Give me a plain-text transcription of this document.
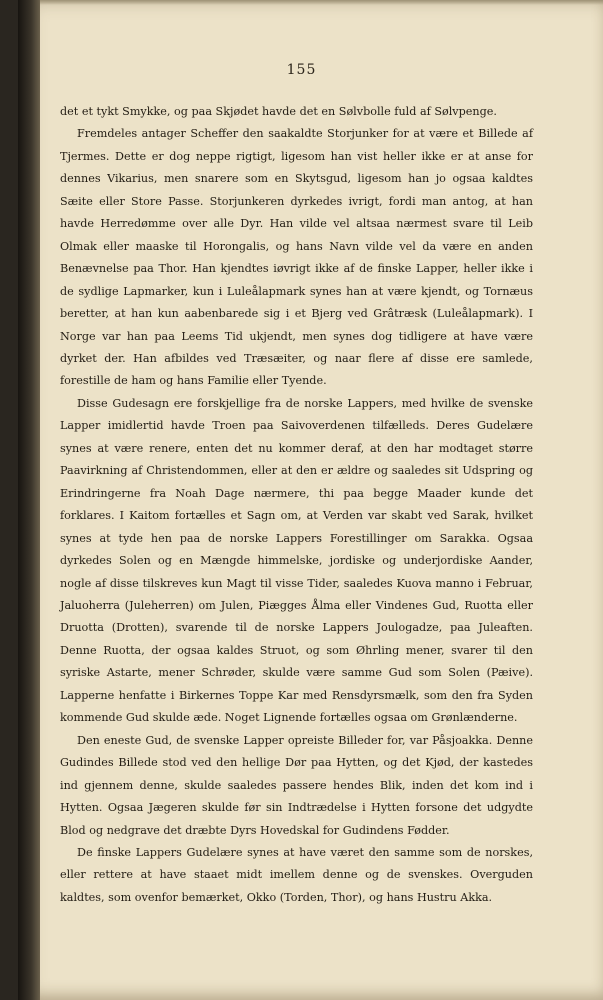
155

det et tykt Smykke, og paa Skjødet havde det en Sølvbolle fuld af Sølvpenge.

Fremdeles antager Scheffer den saakaldte Storjunker for at være et Billede af Tjermes. Dette er dog neppe rigtigt, ligesom han vist heller ikke er at anse for dennes Vikarius, men snarere som en Skytsgud, ligesom han jo ogsaa kaldtes Sæite eller Store Passe. Storjunkeren dyrkedes ivrigt, fordi man antog, at han havde Herredømme over alle Dyr. Han vilde vel altsaa nærmest svare til Leib Olmak eller maaske til Horongalis, og hans Navn vilde vel da være en anden Benævnelse paa Thor. Han kjendtes iøvrigt ikke af de finske Lapper, heller ikke i de sydlige Lapmarker, kun i Luleålapmark synes han at være kjendt, og Tornæus beretter, at han kun aabenbarede sig i et Bjerg ved Grâtræsk (Luleålapmark). I Norge var han paa Leems Tid ukjendt, men synes dog tidligere at have være dyrket der. Han afbildes ved Træsæiter, og naar flere af disse ere samlede, forestille de ham og hans Familie eller Tyende.

Disse Gudesagn ere forskjellige fra de norske Lappers, med hvilke de svenske Lapper imidlertid havde Troen paa Saivoverdenen tilfælleds. Deres Gudelære synes at være renere, enten det nu kommer deraf, at den har modtaget større Paavirkning af Christendommen, eller at den er ældre og saaledes sit Udspring og Erindringerne fra Noah Dage nærmere, thi paa begge Maader kunde det forklares. I Kaitom fortælles et Sagn om, at Verden var skabt ved Sarak, hvilket synes at tyde hen paa de norske Lappers Forestillinger om Sarakka. Ogsaa dyrkedes Solen og en Mængde himmelske, jordiske og underjordiske Aander, nogle af disse tilskreves kun Magt til visse Tider, saaledes Kuova manno i Februar, Jaluoherra (Juleherren) om Julen, Piægges Ålma eller Vindenes Gud, Ruotta eller Druotta (Drotten), svarende til de norske Lappers Joulogadze, paa Juleaften. Denne Ruotta, der ogsaa kaldes Struot, og som Øhrling mener, svarer til den syriske Astarte, mener Schrøder, skulde være samme Gud som Solen (Pæive). Lapperne henfatte i Birkernes Toppe Kar med Rensdyrsmælk, som den fra Syden kommende Gud skulde æde. Noget Lignende fortælles ogsaa om Grønlænderne.

Den eneste Gud, de svenske Lapper opreiste Billeder for, var Påsjoakka. Denne Gudindes Billede stod ved den hellige Dør paa Hytten, og det Kjød, der kastedes ind gjennem denne, skulde saaledes passere hendes Blik, inden det kom ind i Hytten. Ogsaa Jægeren skulde før sin Indtrædelse i Hytten forsone det udgydte Blod og nedgrave det dræbte Dyrs Hovedskal for Gudindens Fødder.

De finske Lappers Gudelære synes at have været den samme som de norskes, eller rettere at have staaet midt imellem denne og de svenskes. Overguden kaldtes, som ovenfor bemærket, Okko (Torden, Thor), og hans Hustru Akka.
